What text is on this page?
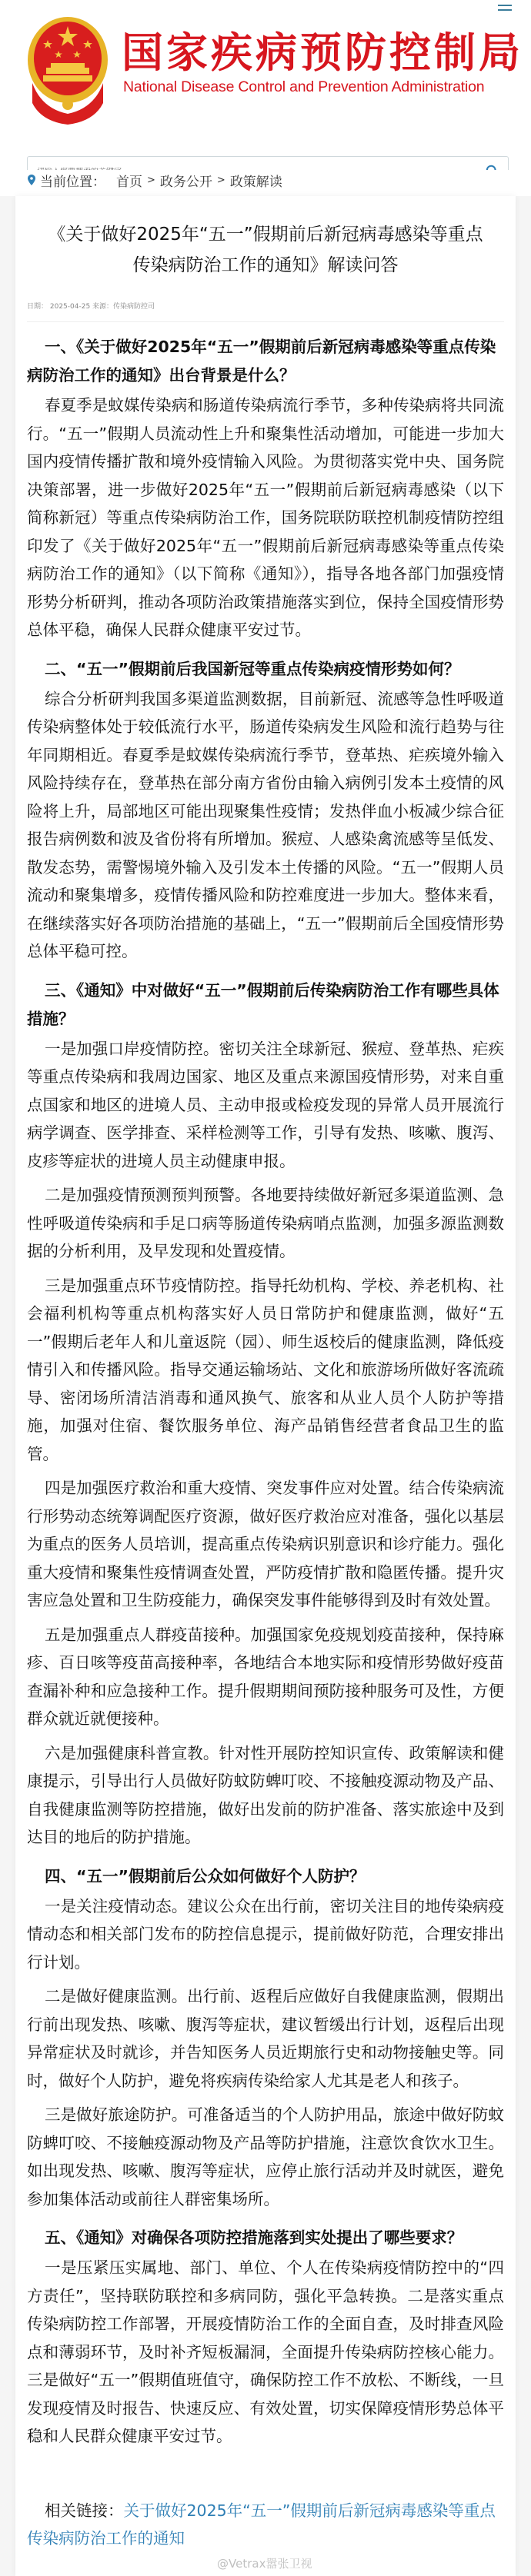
国家疾病预防控制局
National Disease Control and Prevention Administration
请输入您要搜索的关键字
当前位置： 首页 > 政务公开 > 政策解读
《关于做好2025年“五一”假期前后新冠病毒感染等重点传染病防治工作的通知》解读问答
日期： 2025-04-25 来源：传染病防控司
一、《关于做好2025年“五一”假期前后新冠病毒感染等重点传染病防治工作的通知》出台背景是什么？

春夏季是蚊媒传染病和肠道传染病流行季节，多种传染病将共同流行。“五一”假期人员流动性上升和聚集性活动增加，可能进一步加大国内疫情传播扩散和境外疫情输入风险。为贯彻落实党中央、国务院决策部署，进一步做好2025年“五一”假期前后新冠病毒感染（以下简称新冠）等重点传染病防治工作，国务院联防联控机制疫情防控组印发了《关于做好2025年“五一”假期前后新冠病毒感染等重点传染病防治工作的通知》（以下简称《通知》），指导各地各部门加强疫情形势分析研判，推动各项防治政策措施落实到位，保持全国疫情形势总体平稳，确保人民群众健康平安过节。

二、“五一”假期前后我国新冠等重点传染病疫情形势如何？

综合分析研判我国多渠道监测数据，目前新冠、流感等急性呼吸道传染病整体处于较低流行水平，肠道传染病发生风险和流行趋势与往年同期相近。春夏季是蚊媒传染病流行季节，登革热、疟疾境外输入风险持续存在，登革热在部分南方省份由输入病例引发本土疫情的风险将上升，局部地区可能出现聚集性疫情；发热伴血小板减少综合征报告病例数和波及省份将有所增加。猴痘、人感染禽流感等呈低发、散发态势，需警惕境外输入及引发本土传播的风险。“五一”假期人员流动和聚集增多，疫情传播风险和防控难度进一步加大。整体来看，在继续落实好各项防治措施的基础上，“五一”假期前后全国疫情形势总体平稳可控。

三、《通知》中对做好“五一”假期前后传染病防治工作有哪些具体措施？

一是加强口岸疫情防控。密切关注全球新冠、猴痘、登革热、疟疾等重点传染病和我周边国家、地区及重点来源国疫情形势，对来自重点国家和地区的进境人员、主动申报或检疫发现的异常人员开展流行病学调查、医学排查、采样检测等工作，引导有发热、咳嗽、腹泻、皮疹等症状的进境人员主动健康申报。

二是加强疫情预测预判预警。各地要持续做好新冠多渠道监测、急性呼吸道传染病和手足口病等肠道传染病哨点监测，加强多源监测数据的分析利用，及早发现和处置疫情。

三是加强重点环节疫情防控。指导托幼机构、学校、养老机构、社会福利机构等重点机构落实好人员日常防护和健康监测，做好“五一”假期后老年人和儿童返院（园）、师生返校后的健康监测，降低疫情引入和传播风险。指导交通运输场站、文化和旅游场所做好客流疏导、密闭场所清洁消毒和通风换气、旅客和从业人员个人防护等措施，加强对住宿、餐饮服务单位、海产品销售经营者食品卫生的监管。

四是加强医疗救治和重大疫情、突发事件应对处置。结合传染病流行形势动态统筹调配医疗资源，做好医疗救治应对准备，强化以基层为重点的医务人员培训，提高重点传染病识别意识和诊疗能力。强化重大疫情和聚集性疫情调查处置，严防疫情扩散和隐匿传播。提升灾害应急处置和卫生防疫能力，确保突发事件能够得到及时有效处置。

五是加强重点人群疫苗接种。加强国家免疫规划疫苗接种，保持麻疹、百日咳等疫苗高接种率，各地结合本地实际和疫情形势做好疫苗查漏补种和应急接种工作。提升假期期间预防接种服务可及性，方便群众就近就便接种。

六是加强健康科普宣教。针对性开展防控知识宣传、政策解读和健康提示，引导出行人员做好防蚊防蜱叮咬、不接触疫源动物及产品、自我健康监测等防控措施，做好出发前的防护准备、落实旅途中及到达目的地后的防护措施。

四、“五一”假期前后公众如何做好个人防护？

一是关注疫情动态。建议公众在出行前，密切关注目的地传染病疫情动态和相关部门发布的防控信息提示，提前做好防范，合理安排出行计划。

二是做好健康监测。出行前、返程后应做好自我健康监测，假期出行前出现发热、咳嗽、腹泻等症状，建议暂缓出行计划，返程后出现异常症状及时就诊，并告知医务人员近期旅行史和动物接触史等。同时，做好个人防护，避免将疾病传染给家人尤其是老人和孩子。

三是做好旅途防护。可准备适当的个人防护用品，旅途中做好防蚊防蜱叮咬、不接触疫源动物及产品等防护措施，注意饮食饮水卫生。如出现发热、咳嗽、腹泻等症状，应停止旅行活动并及时就医，避免参加集体活动或前往人群密集场所。

五、《通知》对确保各项防控措施落到实处提出了哪些要求？

一是压紧压实属地、部门、单位、个人在传染病疫情防控中的“四方责任”，坚持联防联控和多病同防，强化平急转换。二是落实重点传染病防控工作部署，开展疫情防治工作的全面自查，及时排查风险点和薄弱环节，及时补齐短板漏洞，全面提升传染病防控核心能力。三是做好“五一”假期值班值守，确保防控工作不放松、不断线，一旦发现疫情及时报告、快速反应、有效处置，切实保障疫情形势总体平稳和人民群众健康平安过节。

相关链接：关于做好2025年“五一”假期前后新冠病毒感染等重点传染病防治工作的通知
@Vetrax嚣张卫视
